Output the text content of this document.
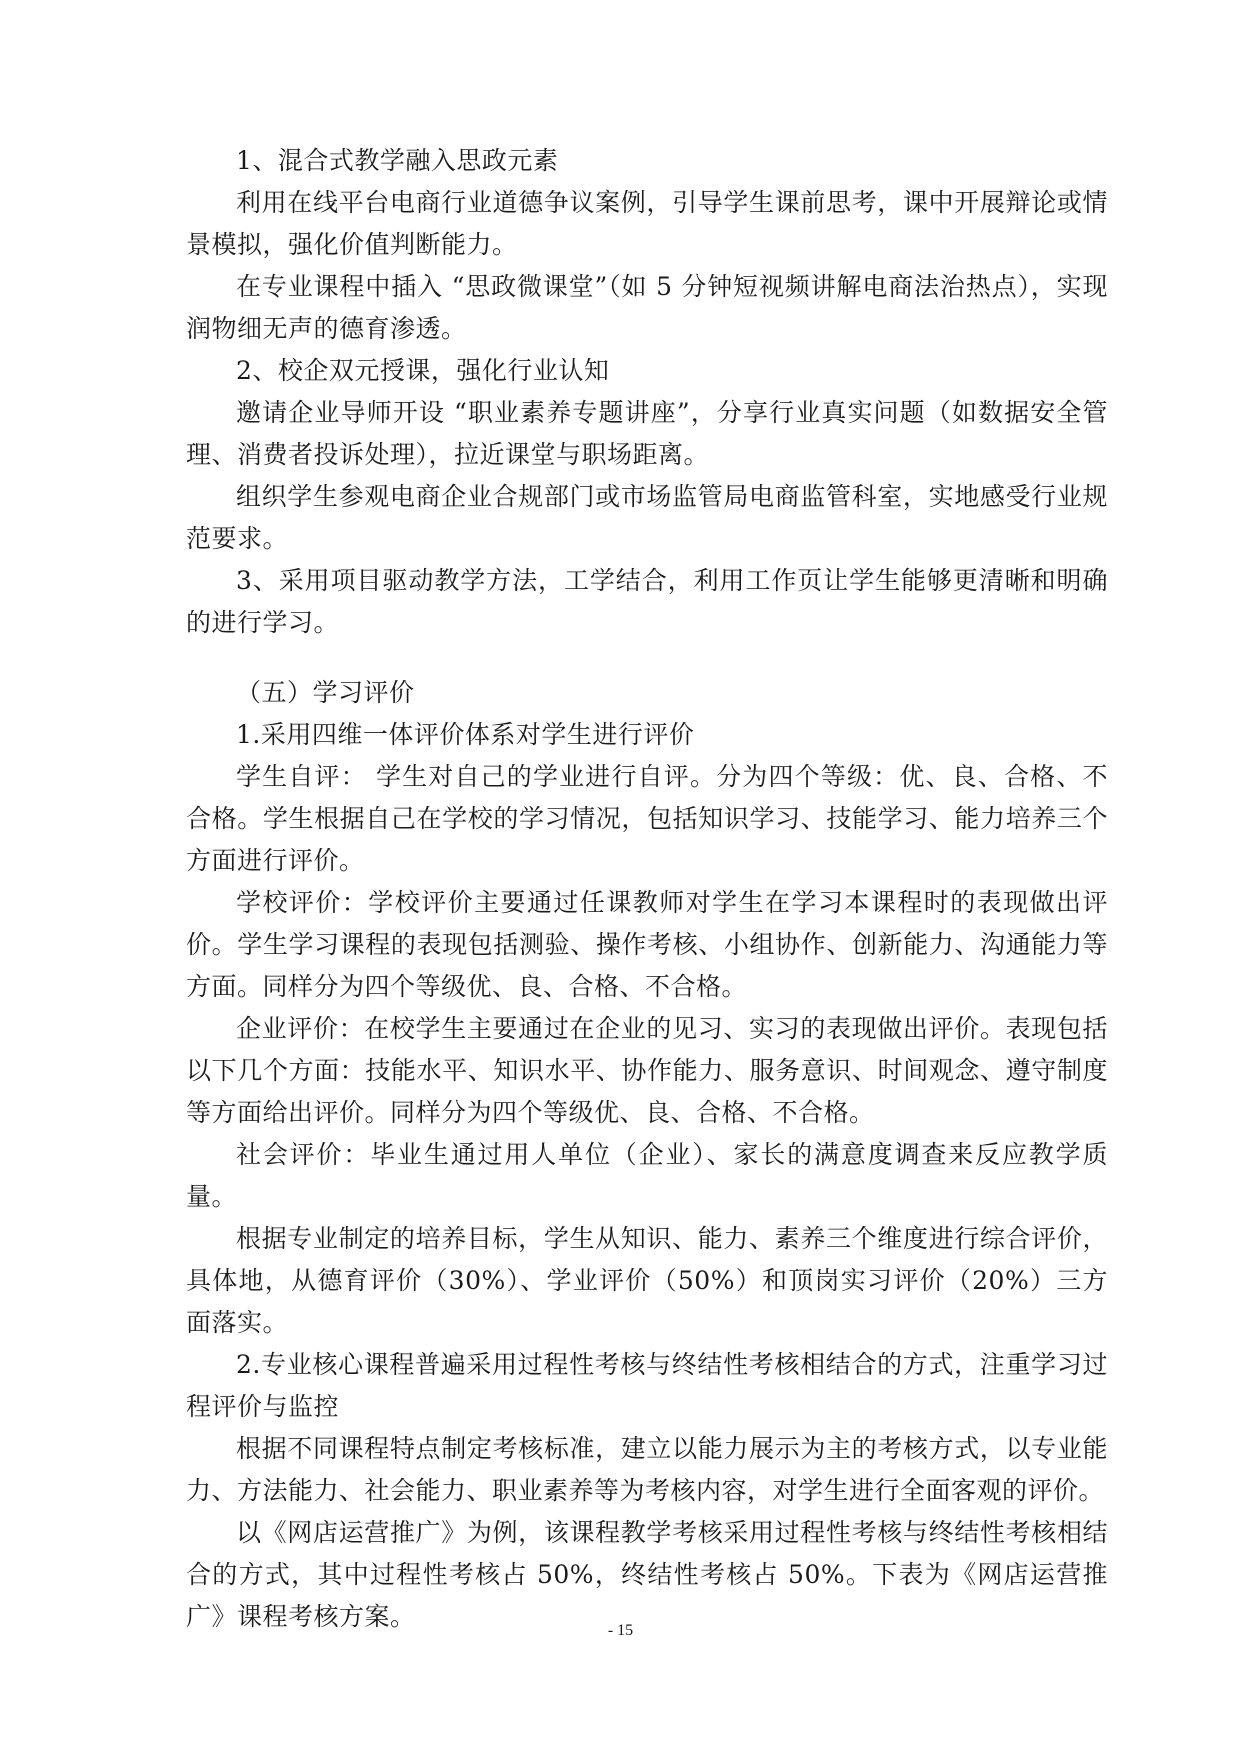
1、混合式教学融入思政元素

利用在线平台电商行业道德争议案例，引导学生课前思考，课中开展辩论或情景模拟，强化价值判断能力。

在专业课程中插入 “思政微课堂”（如 5 分钟短视频讲解电商法治热点），实现润物细无声的德育渗透。

2、校企双元授课，强化行业认知

邀请企业导师开设 “职业素养专题讲座”，分享行业真实问题（如数据安全管理、消费者投诉处理），拉近课堂与职场距离。

组织学生参观电商企业合规部门或市场监管局电商监管科室，实地感受行业规范要求。

3、采用项目驱动教学方法，工学结合，利用工作页让学生能够更清晰和明确的进行学习。

（五）学习评价

1.采用四维一体评价体系对学生进行评价

学生自评： 学生对自己的学业进行自评。分为四个等级：优、良、合格、不合格。学生根据自己在学校的学习情况，包括知识学习、技能学习、能力培养三个方面进行评价。

学校评价：学校评价主要通过任课教师对学生在学习本课程时的表现做出评价。学生学习课程的表现包括测验、操作考核、小组协作、创新能力、沟通能力等方面。同样分为四个等级优、良、合格、不合格。

企业评价：在校学生主要通过在企业的见习、实习的表现做出评价。表现包括以下几个方面：技能水平、知识水平、协作能力、服务意识、时间观念、遵守制度等方面给出评价。同样分为四个等级优、良、合格、不合格。

社会评价：毕业生通过用人单位（企业）、家长的满意度调查来反应教学质量。

根据专业制定的培养目标，学生从知识、能力、素养三个维度进行综合评价，具体地，从德育评价（30%）、学业评价（50%）和顶岗实习评价（20%）三方面落实。

2.专业核心课程普遍采用过程性考核与终结性考核相结合的方式，注重学习过程评价与监控

根据不同课程特点制定考核标准，建立以能力展示为主的考核方式，以专业能力、方法能力、社会能力、职业素养等为考核内容，对学生进行全面客观的评价。

以《网店运营推广》为例，该课程教学考核采用过程性考核与终结性考核相结合的方式，其中过程性考核占 50%，终结性考核占 50%。下表为《网店运营推广》课程考核方案。	- 15
